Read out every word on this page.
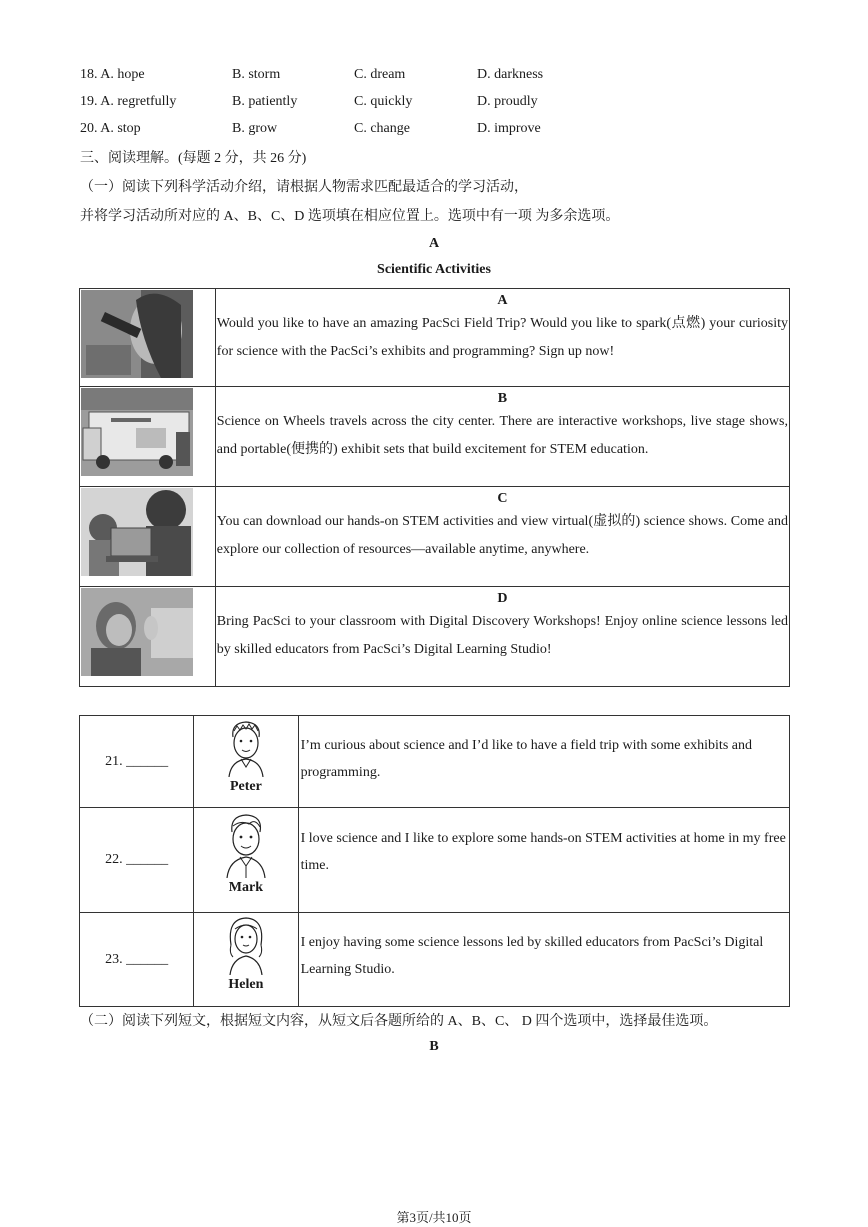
18. A. hope	B. storm	C. dream	D. darkness
19. A. regretfully	B. patiently	C. quickly	D. proudly
20. A. stop	B. grow	C. change	D. improve
三、阅读理解。(每题 2 分，共 26 分)
（一）阅读下列科学活动介绍，请根据人物需求匹配最适合的学习活动，
并将学习活动所对应的 A、B、C、D 选项填在相应位置上。选项中有一项 为多余选项。
A
Scientific Activities

A
Would you like to have an amazing PacSci Field Trip? Would you like to spark(点燃) your curiosity for science with the PacSci’s exhibits and programming? Sign up now!

B
Science on Wheels travels across the city center. There are interactive workshops, live stage shows, and portable(便携的) exhibit sets that build excitement for STEM education.

C
You can download our hands-on STEM activities and view virtual(虚拟的) science shows. Come and explore our collection of resources—available anytime, anywhere.

D
Bring PacSci to your classroom with Digital Discovery Workshops! Enjoy online science lessons led by skilled educators from PacSci’s Digital Learning Studio!
21. ______	Peter	I’m curious about science and I’d like to have a field trip with some exhibits and programming.

22. ______	Mark	I love science and I like to explore some hands-on STEM activities at home in my free time.

23. ______	Helen	I enjoy having some science lessons led by skilled educators from PacSci’s Digital Learning Studio.
（二）阅读下列短文，根据短文内容，从短文后各题所给的 A、B、C、 D 四个选项中，选择最佳选项。
B
第3页/共10页
